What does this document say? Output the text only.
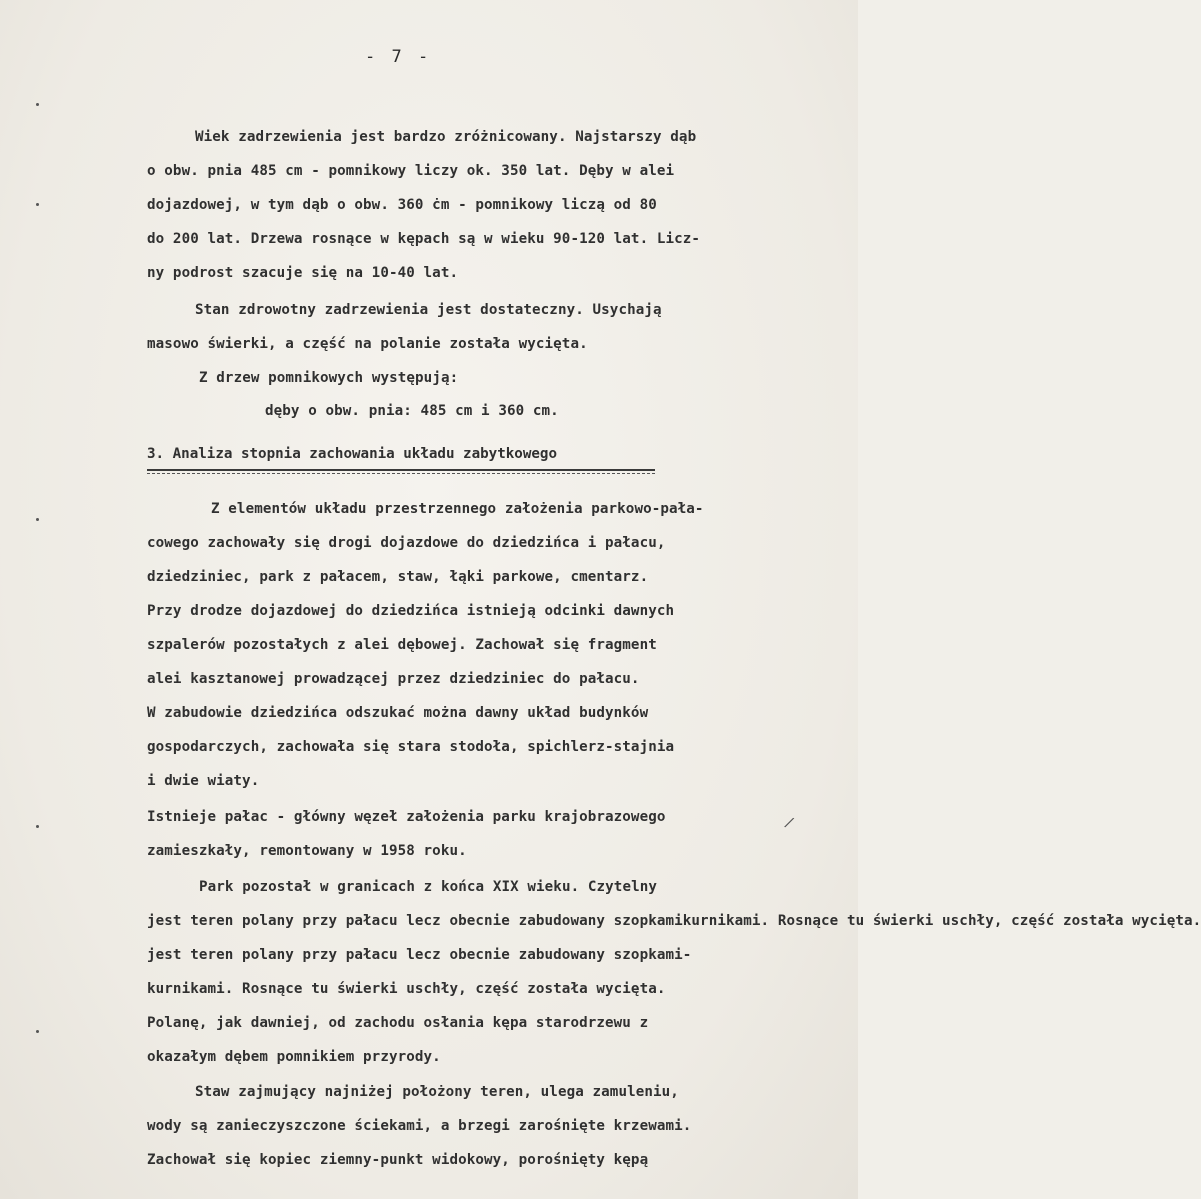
- 7 -
Wiek zadrzewienia jest bardzo zróżnicowany. Najstarszy dąb
o obw. pnia 485 cm - pomnikowy liczy ok. 350 lat. Dęby w alei
dojazdowej, w tym dąb o obw. 360 ċm - pomnikowy liczą od 80
do 200 lat. Drzewa rosnące w kępach są w wieku 90-120 lat. Licz-
ny podrost szacuje się na 10-40 lat.
Stan zdrowotny zadrzewienia jest dostateczny. Usychają
masowo świerki, a część na polanie została wycięta.
Z drzew pomnikowych występują:
dęby o obw. pnia: 485 cm i 360 cm.
3. Analiza stopnia zachowania układu zabytkowego
Z elementów układu przestrzennego założenia parkowo-pała-
cowego zachowały się drogi dojazdowe do dziedzińca i pałacu,
dziedziniec, park z pałacem, staw, łąki parkowe, cmentarz.
Przy drodze dojazdowej do dziedzińca istnieją odcinki dawnych
szpalerów pozostałych z alei dębowej. Zachował się fragment
alei kasztanowej prowadzącej przez dziedziniec do pałacu.
W zabudowie dziedzińca odszukać można dawny układ budynków
gospodarczych, zachowała się stara stodoła, spichlerz-stajnia
i dwie wiaty.
Istnieje pałac - główny węzeł założenia parku krajobrazowego	/
zamieszkały, remontowany w 1958 roku.
Park pozostał w granicach z końca XIX wieku. Czytelny
jest teren polany przy pałacu lecz obecnie zabudowany szopkamikurnikami. Rosnące tu świerki uschły, część została wycięta.
jest teren polany przy pałacu lecz obecnie zabudowany szopkami-
kurnikami. Rosnące tu świerki uschły, część została wycięta.
Polanę, jak dawniej, od zachodu osłania kępa starodrzewu z
okazałym dębem pomnikiem przyrody.
Staw zajmujący najniżej położony teren, ulega zamuleniu,
wody są zanieczyszczone ściekami, a brzegi zarośnięte krzewami.
Zachował się kopiec ziemny-punkt widokowy, porośnięty kępą
